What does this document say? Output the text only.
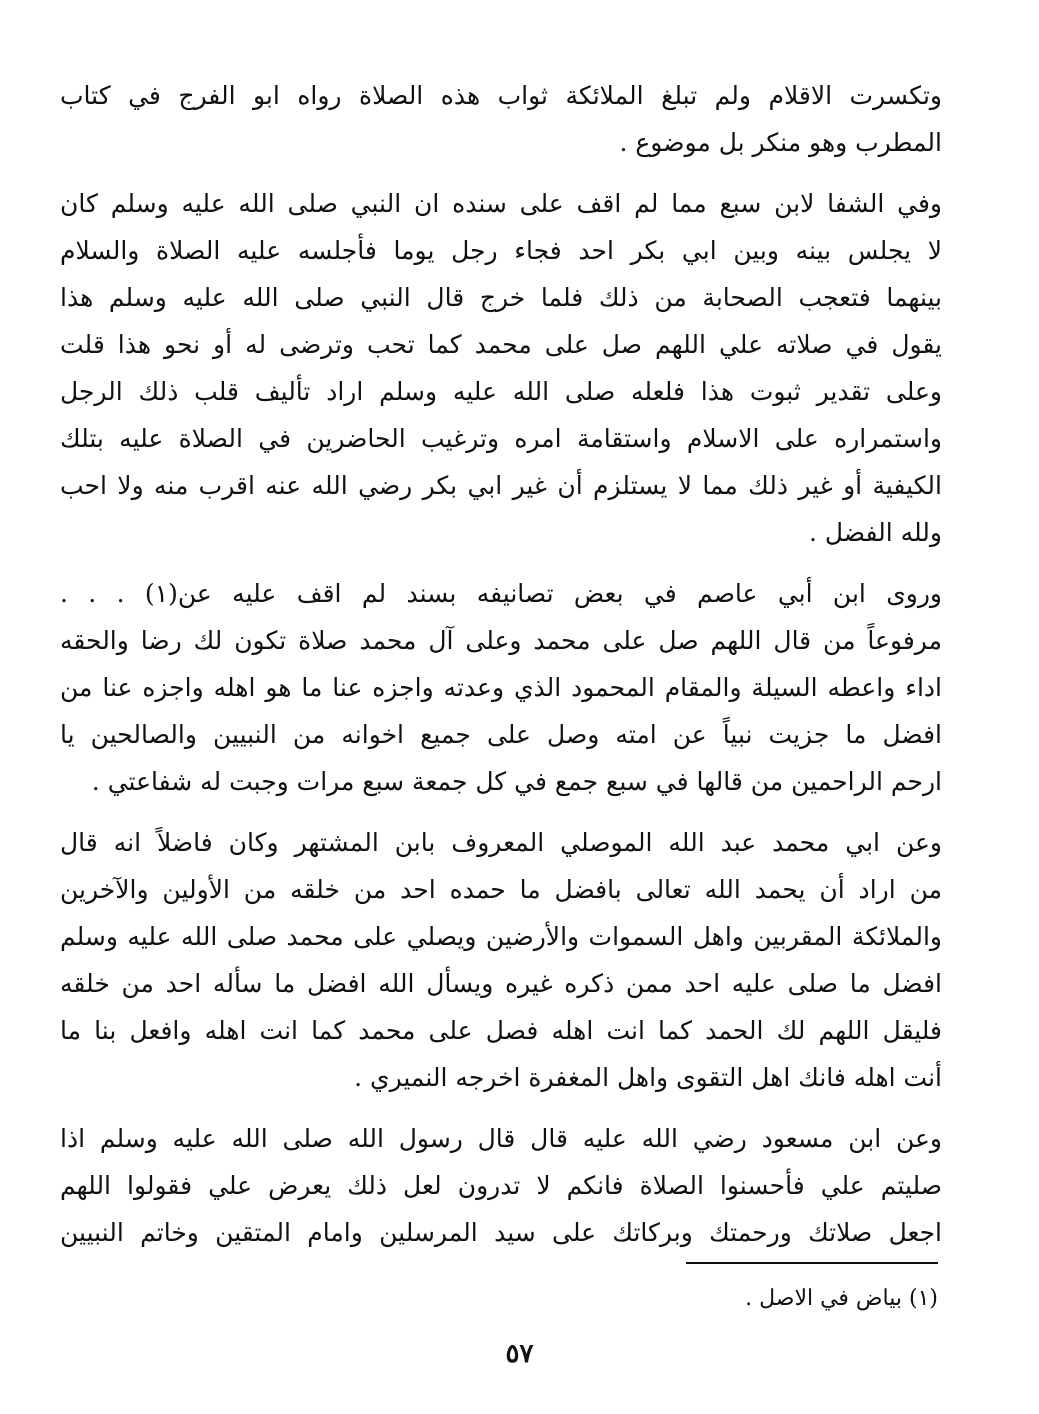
وتكسرت الاقلام ولم تبلغ الملائكة ثواب هذه الصلاة رواه ابو الفرج في كتاب
المطرب وهو منكر بل موضوع .
وفي الشفا لابن سبع مما لم اقف على سنده ان النبي صلى الله عليه وسلم كان
لا يجلس بينه وبين ابي بكر احد فجاء رجل يوما فأجلسه عليه الصلاة والسلام
بينهما فتعجب الصحابة من ذلك فلما خرج قال النبي صلى الله عليه وسلم هذا
يقول في صلاته علي اللهم صل على محمد كما تحب وترضى له أو نحو هذا قلت
وعلى تقدير ثبوت هذا فلعله صلى الله عليه وسلم اراد تأليف قلب ذلك الرجل
واستمراره على الاسلام واستقامة امره وترغيب الحاضرين في الصلاة عليه بتلك
الكيفية أو غير ذلك مما لا يستلزم أن غير ابي بكر رضي الله عنه اقرب منه ولا احب
ولله الفضل .
وروى ابن أبي عاصم في بعض تصانيفه بسند لم اقف عليه عن(١) . . .
مرفوعاً من قال اللهم صل على محمد وعلى آل محمد صلاة تكون لك رضا والحقه
اداء واعطه السيلة والمقام المحمود الذي وعدته واجزه عنا ما هو اهله واجزه عنا من
افضل ما جزيت نبياً عن امته وصل على جميع اخوانه من النبيين والصالحين يا
ارحم الراحمين من قالها في سبع جمع في كل جمعة سبع مرات وجبت له شفاعتي .
وعن ابي محمد عبد الله الموصلي المعروف بابن المشتهر وكان فاضلاً انه قال
من اراد أن يحمد الله تعالى بافضل ما حمده احد من خلقه من الأولين والآخرين
والملائكة المقربين واهل السموات والأرضين ويصلي على محمد صلى الله عليه وسلم
افضل ما صلى عليه احد ممن ذكره غيره ويسأل الله افضل ما سأله احد من خلقه
فليقل اللهم لك الحمد كما انت اهله فصل على محمد كما انت اهله وافعل بنا ما
أنت اهله فانك اهل التقوى واهل المغفرة اخرجه النميري .
وعن ابن مسعود رضي الله عليه قال قال رسول الله صلى الله عليه وسلم اذا
صليتم علي فأحسنوا الصلاة فانكم لا تدرون لعل ذلك يعرض علي فقولوا اللهم
اجعل صلاتك ورحمتك وبركاتك على سيد المرسلين وامام المتقين وخاتم النبيين
(١) بياض في الاصل .
٥٧
